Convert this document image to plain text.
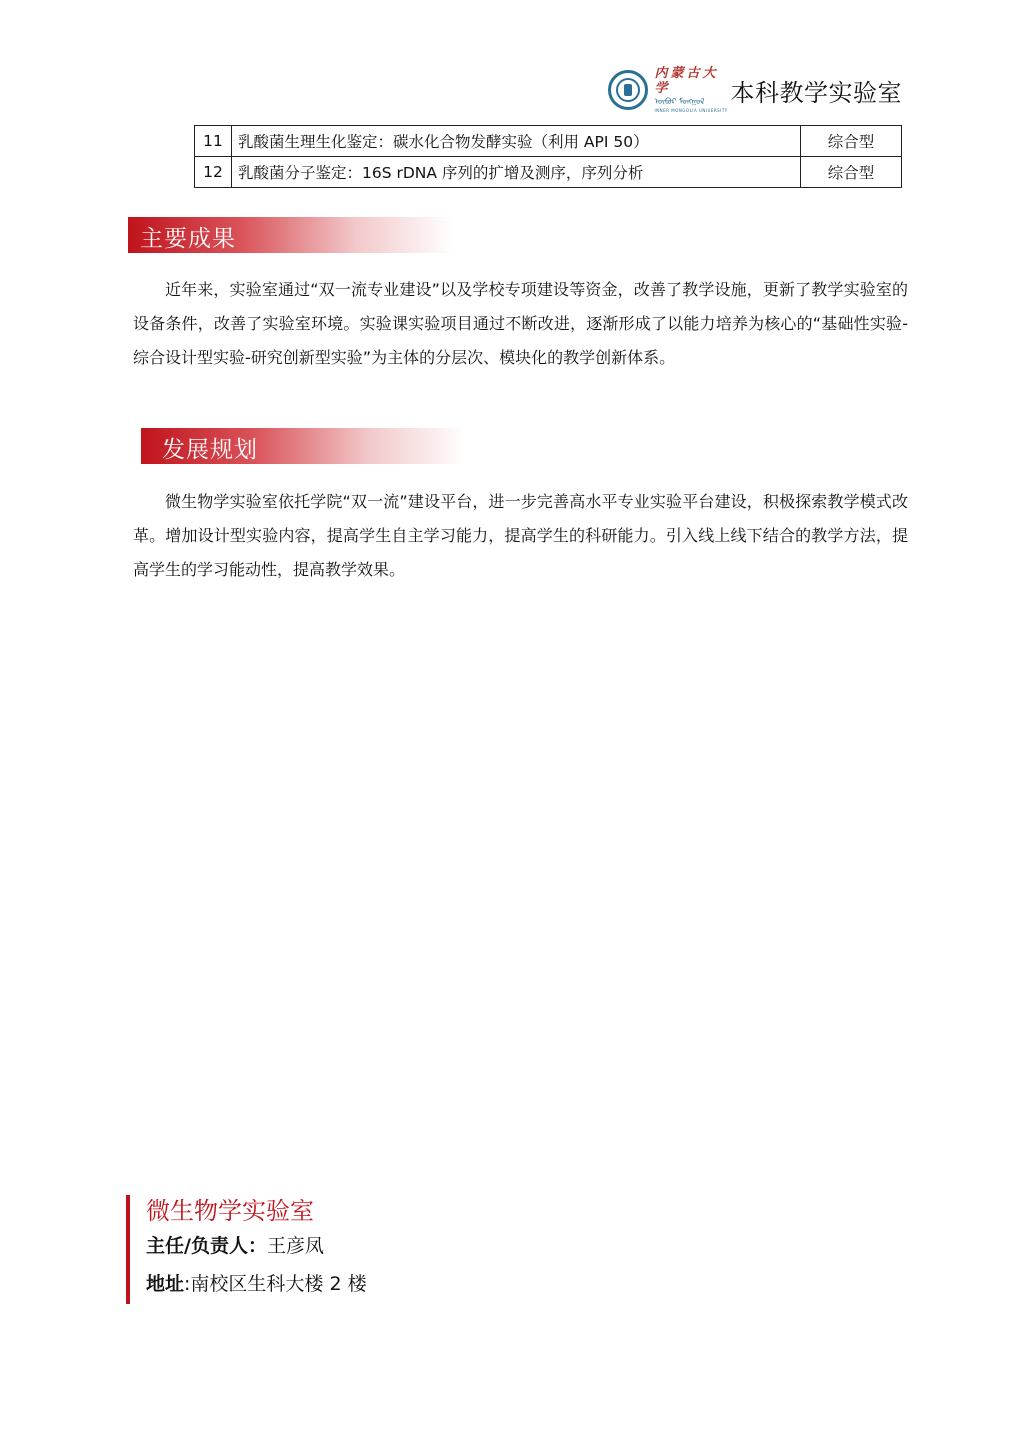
内蒙古大学
ᠥᠪᠦᠷ ᠮᠣᠩᠭᠣᠯ
INNER MONGOLIA UNIVERSITY
本科教学实验室
11	乳酸菌生理生化鉴定：碳水化合物发酵实验（利用 API 50）	综合型
12	乳酸菌分子鉴定：16S rDNA 序列的扩增及测序，序列分析	综合型
主要成果

近年来，实验室通过“双一流专业建设”以及学校专项建设等资金，改善了教学设施，更新了教学实验室的设备条件，改善了实验室环境。实验课实验项目通过不断改进，逐渐形成了以能力培养为核心的“基础性实验-综合设计型实验-研究创新型实验”为主体的分层次、模块化的教学创新体系。

发展规划

微生物学实验室依托学院“双一流”建设平台，进一步完善高水平专业实验平台建设，积极探索教学模式改革。增加设计型实验内容，提高学生自主学习能力，提高学生的科研能力。引入线上线下结合的教学方法，提高学生的学习能动性，提高教学效果。

微生物学实验室
主任/负责人：王彦凤
地址:南校区生科大楼 2 楼
